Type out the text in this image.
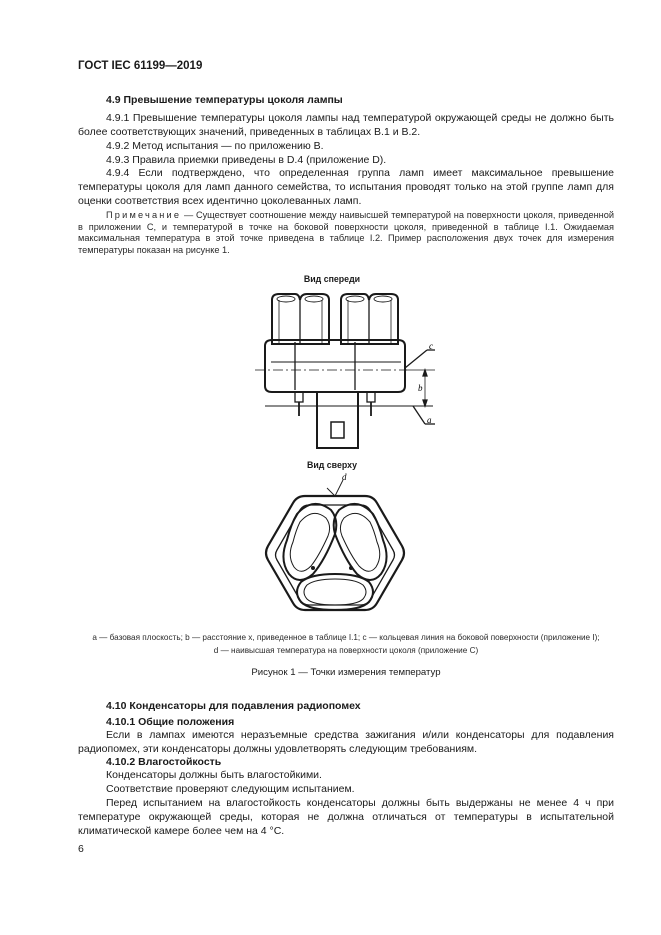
ГОСТ IEC 61199—2019
4.9 Превышение температуры цоколя лампы
4.9.1 Превышение температуры цоколя лампы над температурой окружающей среды не должно быть более соответствующих значений, приведенных в таблицах В.1 и В.2.
4.9.2 Метод испытания — по приложению В.
4.9.3 Правила приемки приведены в D.4 (приложение D).
4.9.4 Если подтверждено, что определенная группа ламп имеет максимальное превышение температуры цоколя для ламп данного семейства, то испытания проводят только на этой группе ламп для оценки соответствия всех идентично цоколеванных ламп.
Примечание — Существует соотношение между наивысшей температурой на поверхности цоколя, приведенной в приложении С, и температурой в точке на боковой поверхности цоколя, приведенной в таблице I.1. Ожидаемая максимальная температура в этой точке приведена в таблице I.2. Пример расположения двух точек для измерения температуры показан на рисунке 1.
Вид спереди
c
b
a
Вид сверху
d
a — базовая плоскость; b — расстояние x, приведенное в таблице I.1; c — кольцевая линия на боковой поверхности (приложение I);
d — наивысшая температура на поверхности цоколя (приложение С)
Рисунок 1 — Точки измерения температур
4.10 Конденсаторы для подавления радиопомех
4.10.1 Общие положения
Если в лампах имеются неразъемные средства зажигания и/или конденсаторы для подавления радиопомех, эти конденсаторы должны удовлетворять следующим требованиям.
4.10.2 Влагостойкость
Конденсаторы должны быть влагостойкими.
Соответствие проверяют следующим испытанием.
Перед испытанием на влагостойкость конденсаторы должны быть выдержаны не менее 4 ч при температуре окружающей среды, которая не должна отличаться от температуры в испытательной климатической камере более чем на 4 °С.
6
